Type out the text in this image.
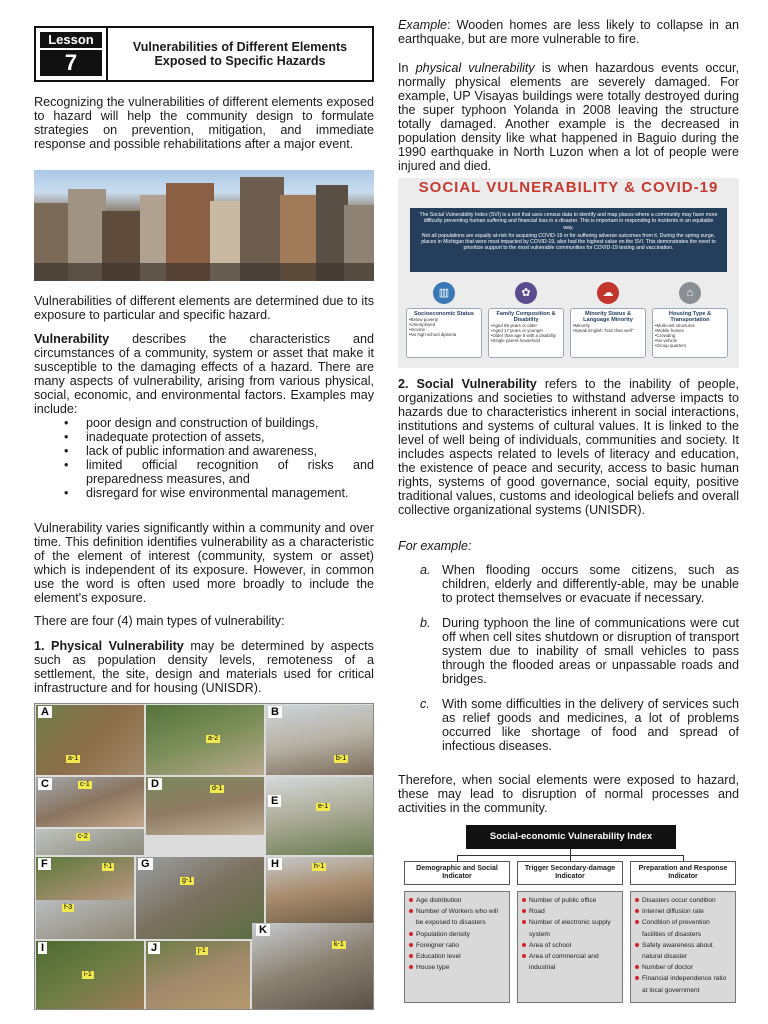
Lesson
7
Vulnerabilities of Different Elements Exposed to Specific Hazards

Recognizing the vulnerabilities of different elements exposed to hazard will help the community design to formulate strategies on prevention, mitigation, and immediate response and possible rehabilitations after a major event.

Vulnerabilities of different elements are determined due to its exposure to particular and specific hazard.

Vulnerability describes the characteristics and circumstances of a community, system or asset that make it susceptible to the damaging effects of a hazard. There are many aspects of vulnerability, arising from various physical, social, economic, and environmental factors. Examples may include:

• poor design and construction of buildings,
• inadequate protection of assets,
• lack of public information and awareness,
• limited official recognition of risks and preparedness measures, and
• disregard for wise environmental management.

Vulnerability varies significantly within a community and over time. This definition identifies vulnerability as a characteristic of the element of interest (community, system or asset) which is independent of its exposure. However, in common use the word is often used more broadly to include the element's exposure.

There are four (4) main types of vulnerability:

1. Physical Vulnerability may be determined by aspects such as population density levels, remoteness of a settlement, the site, design and materials used for critical infrastructure and for housing (UNISDR).

A
a-1
a-2
B
b-1
C	c-1	D	d-1
E	e-1
c-2
F	f-1	G
g-1
H	h-1
f-3
I
i-1
J	j-1
K
k-1

Example: Wooden homes are less likely to collapse in an earthquake, but are more vulnerable to fire.

In physical vulnerability is when hazardous events occur, normally physical elements are severely damaged. For example, UP Visayas buildings were totally destroyed during the super typhoon Yolanda in 2008 leaving the structure totally damaged. Another example is the decreased in population density like what happened in Baguio during the 1990 earthquake in North Luzon when a lot of people were injured and died.

SOCIAL VULNERABILITY & COVID-19
The Social Vulnerability Index (SVI) is a tool that uses census data to identify and map places where a community may have more difficulty preventing human suffering and financial loss in a disaster. This is important in responding to incidents in an equitable way.
Not all populations are equally at-risk for acquiring COVID-19 or for suffering adverse outcomes from it. During the spring surge, places in Michigan that were most impacted by COVID-19, also had the highest value on the SVI. This demonstrates the need to prioritize support to the most vulnerable communities for COVID-19 testing and vaccination.
▥
Socioeconomic Status
•Below poverty
•Unemployed
•Income
•No high school diploma
✿
Family Composition & Disability
•Aged 65 years or older
•Aged 17 years or younger
•Older than age 5 with a disability
•Single parent household
☁
Minority Status & Language Minority
•Minority
•Speak English "less than well"
⌂
Housing Type & Transportation
•Multi-unit structures
•Mobile homes
•Crowding
•No vehicle
•Group quarters

2. Social Vulnerability refers to the inability of people, organizations and societies to withstand adverse impacts to hazards due to characteristics inherent in social interactions, institutions and systems of cultural values. It is linked to the level of well being of individuals, communities and society. It includes aspects related to levels of literacy and education, the existence of peace and security, access to basic human rights, systems of good governance, social equity, positive traditional values, customs and ideological beliefs and overall collective organizational systems (UNISDR).

For example:

a. When flooding occurs some citizens, such as children, elderly and differently-able, may be unable to protect themselves or evacuate if necessary.

b. During typhoon the line of communications were cut off when cell sites shutdown or disruption of transport system due to inability of small vehicles to pass through the flooded areas or unpassable roads and bridges.

c. With some difficulties in the delivery of services such as relief goods and medicines, a lot of problems occurred like shortage of food and spread of infectious diseases.

Therefore, when social elements were exposed to hazard, these may lead to disruption of normal processes and activities in the community.

Social-economic Vulnerability Index
Demographic and Social Indicator
Age distribution
Number of Workers who will be exposed to disasters
Population density
Foreigner ratio
Education level
House type
Trigger Secondary-damage Indicator
Number of public office
Road
Number of electronic supply system
Area of school
Area of commercial and industrial
Preparation and Response Indicator
Disasters occur condition
Internet diffusion rate
Condition of prevention facilities of disasters
Safety awareness about natural disaster
Number of doctor
Financial independence ratio at local government
